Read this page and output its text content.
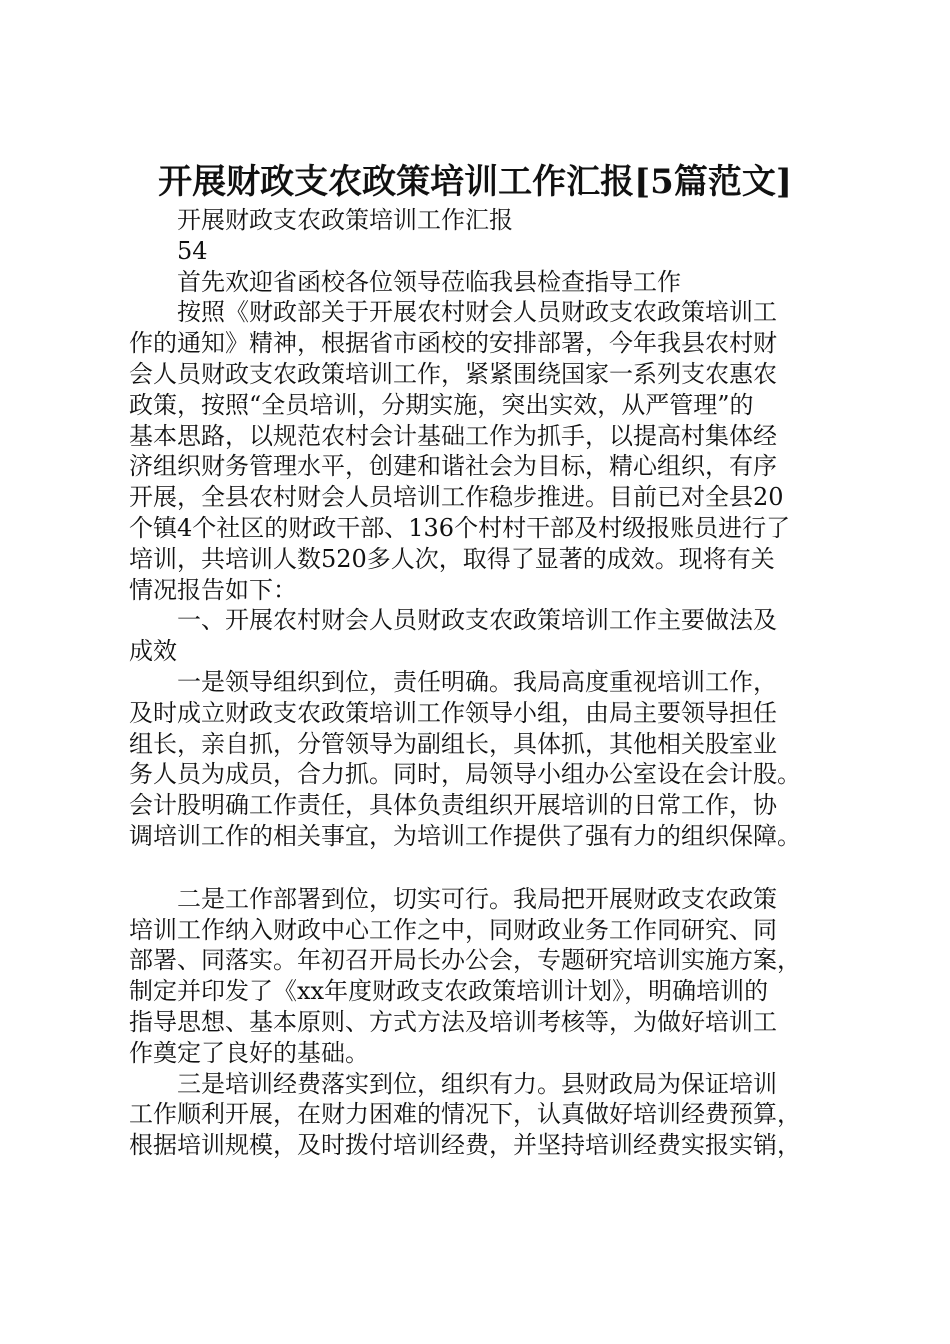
开展财政支农政策培训工作汇报[5篇范文]
　　开展财政支农政策培训工作汇报
　　54
　　首先欢迎省函校各位领导莅临我县检查指导工作
　　按照《财政部关于开展农村财会人员财政支农政策培训工
作的通知》精神，根据省市函校的安排部署，今年我县农村财
会人员财政支农政策培训工作，紧紧围绕国家一系列支农惠农
政策，按照“全员培训，分期实施，突出实效，从严管理”的
基本思路，以规范农村会计基础工作为抓手，以提高村集体经
济组织财务管理水平，创建和谐社会为目标，精心组织，有序
开展，全县农村财会人员培训工作稳步推进。目前已对全县20
个镇4个社区的财政干部、136个村村干部及村级报账员进行了
培训，共培训人数520多人次，取得了显著的成效。现将有关
情况报告如下：
　　一、开展农村财会人员财政支农政策培训工作主要做法及
成效
　　一是领导组织到位，责任明确。我局高度重视培训工作，
及时成立财政支农政策培训工作领导小组，由局主要领导担任
组长，亲自抓，分管领导为副组长，具体抓，其他相关股室业
务人员为成员，合力抓。同时，局领导小组办公室设在会计股。
会计股明确工作责任，具体负责组织开展培训的日常工作，协
调培训工作的相关事宜，为培训工作提供了强有力的组织保障。
　　二是工作部署到位，切实可行。我局把开展财政支农政策
培训工作纳入财政中心工作之中，同财政业务工作同研究、同
部署、同落实。年初召开局长办公会，专题研究培训实施方案，
制定并印发了《xx年度财政支农政策培训计划》，明确培训的
指导思想、基本原则、方式方法及培训考核等，为做好培训工
作奠定了良好的基础。
　　三是培训经费落实到位，组织有力。县财政局为保证培训
工作顺利开展，在财力困难的情况下，认真做好培训经费预算，
根据培训规模，及时拨付培训经费，并坚持培训经费实报实销，
